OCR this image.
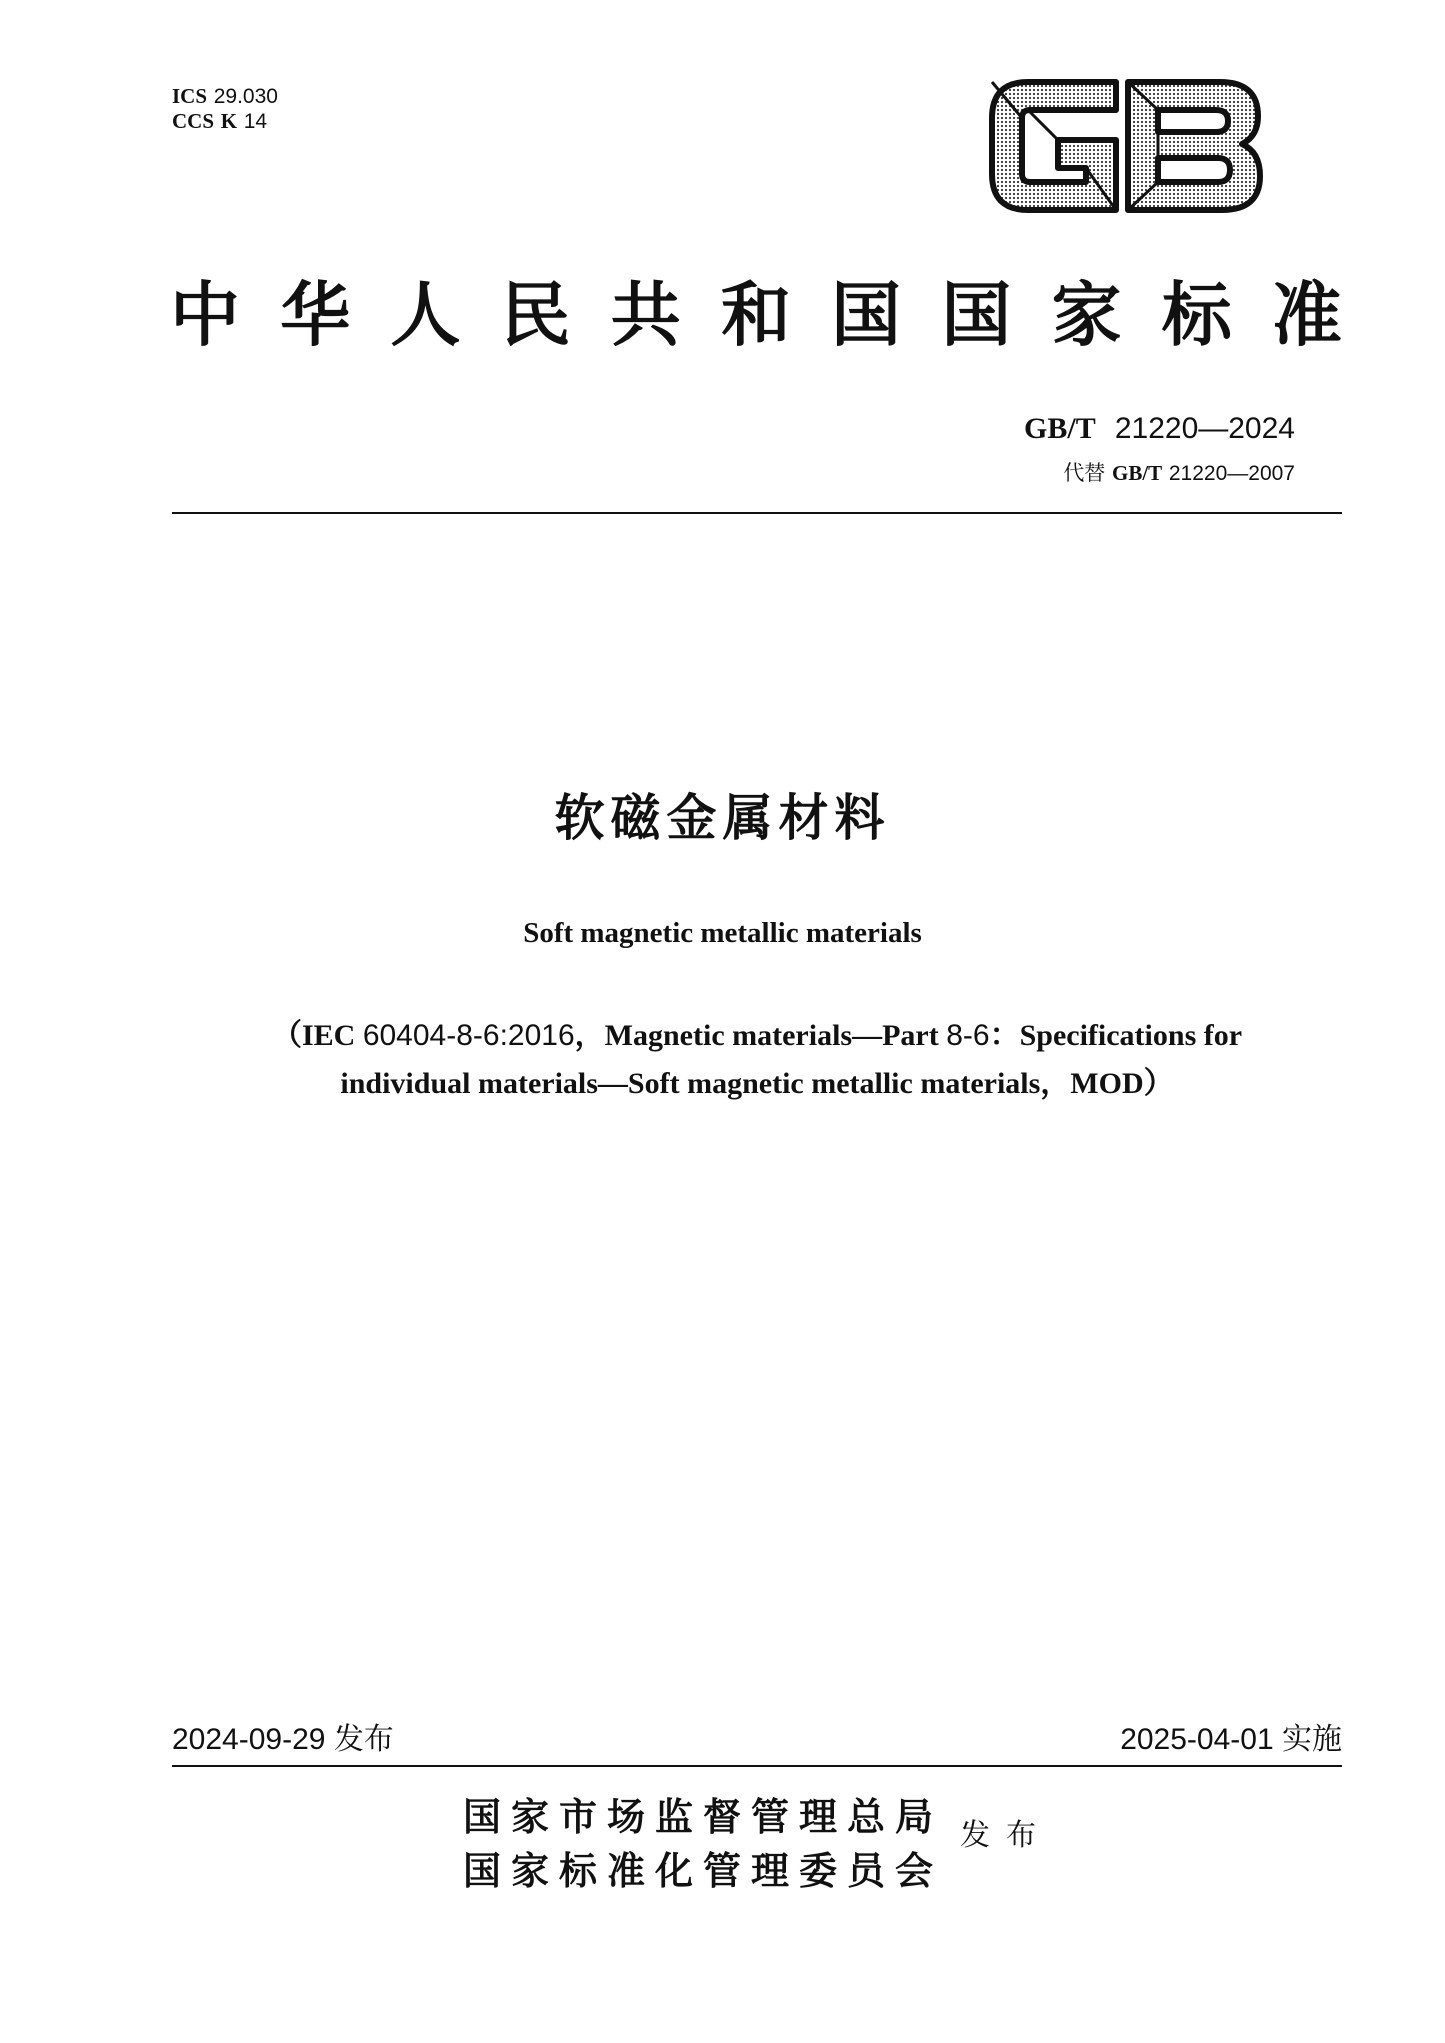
ICS 29.030
CCS K 14
中 华 人 民 共 和 国 国 家 标 准
GB/T 21220—2024
代替 GB/T 21220—2007
软磁金属材料
Soft magnetic metallic materials
（IEC 60404-8-6:2016，Magnetic materials—Part 8-6：Specifications for
individual materials—Soft magnetic metallic materials，MOD）
2024-09-29 发布	2025-04-01 实施
国家市场监督管理总局
国家标准化管理委员会
发布
